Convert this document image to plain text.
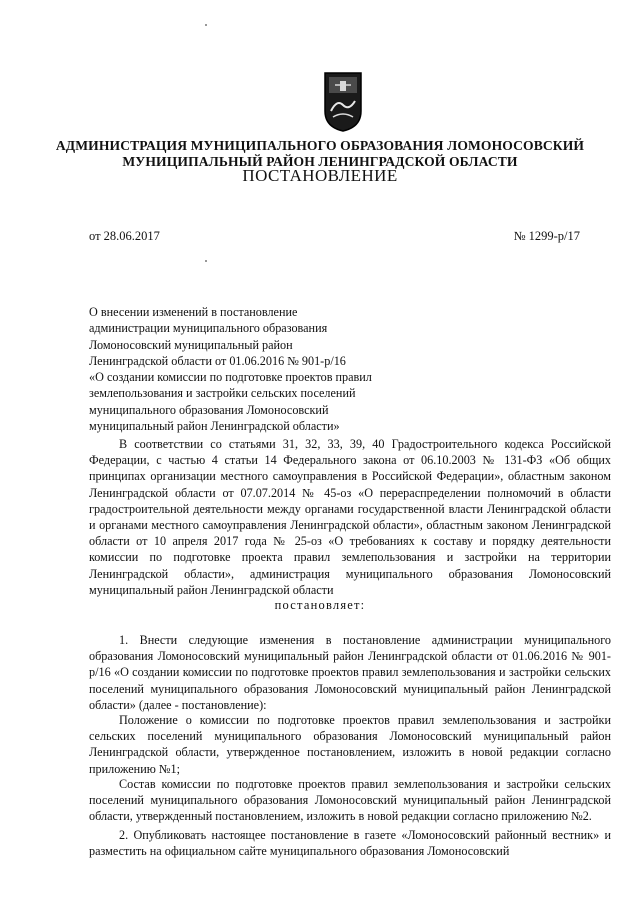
АДМИНИСТРАЦИЯ МУНИЦИПАЛЬНОГО ОБРАЗОВАНИЯ ЛОМОНОСОВСКИЙ
МУНИЦИПАЛЬНЫЙ РАЙОН ЛЕНИНГРАДСКОЙ ОБЛАСТИ
ПОСТАНОВЛЕНИЕ
от 28.06.2017	№ 1299-р/17
О внесении изменений в постановление
администрации муниципального образования
Ломоносовский муниципальный район
Ленинградской области от 01.06.2016 № 901-р/16
«О создании комиссии по подготовке проектов правил
землепользования и застройки сельских поселений
муниципального образования Ломоносовский
муниципальный район Ленинградской области»
В соответствии со статьями 31, 32, 33, 39, 40 Градостроительного кодекса Российской Федерации, с частью 4 статьи 14 Федерального закона от 06.10.2003 № 131-ФЗ «Об общих принципах организации местного самоуправления в Российской Федерации», областным законом Ленинградской области от 07.07.2014 № 45-оз «О перераспределении полномочий в области градостроительной деятельности между органами государственной власти Ленинградской области и органами местного самоуправления Ленинградской области», областным законом Ленинградской области от 10 апреля 2017 года № 25-оз «О требованиях к составу и порядку деятельности комиссии по подготовке проекта правил землепользования и застройки на территории Ленинградской области», администрация муниципального образования Ломоносовский муниципальный район Ленинградской области
постановляет:
1. Внести следующие изменения в постановление администрации муниципального образования Ломоносовский муниципальный район Ленинградской области от 01.06.2016 № 901-р/16 «О создании комиссии по подготовке проектов правил землепользования и застройки сельских поселений муниципального образования Ломоносовский муниципальный район Ленинградской области» (далее - постановление):
Положение о комиссии по подготовке проектов правил землепользования и застройки сельских поселений муниципального образования Ломоносовский муниципальный район Ленинградской области, утвержденное постановлением, изложить в новой редакции согласно приложению №1;
Состав комиссии по подготовке проектов правил землепользования и застройки сельских поселений муниципального образования Ломоносовский муниципальный район Ленинградской области, утвержденный постановлением, изложить в новой редакции согласно приложению №2.
2. Опубликовать настоящее постановление в газете «Ломоносовский районный вестник» и разместить на официальном сайте муниципального образования Ломоносовский
